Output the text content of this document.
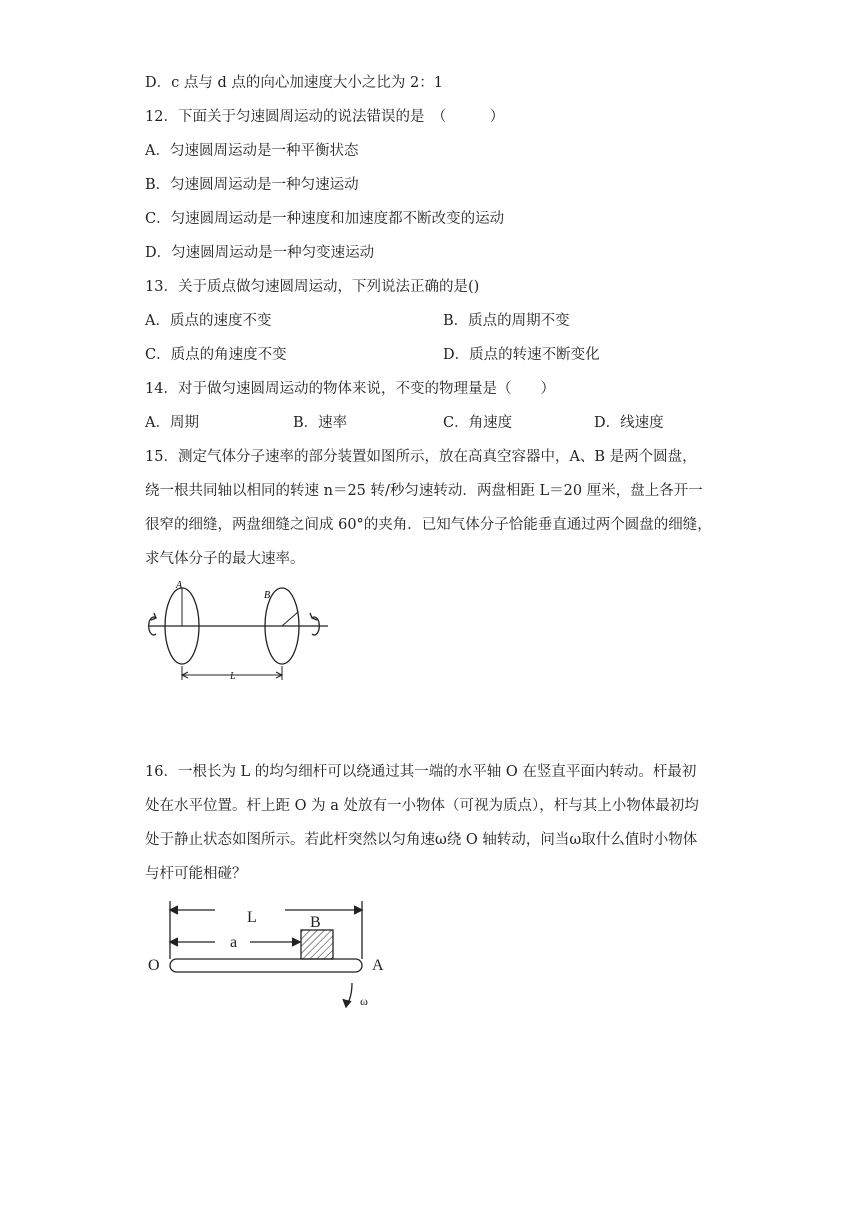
D．c 点与 d 点的向心加速度大小之比为 2：1
12．下面关于匀速圆周运动的说法错误的是　（　　　）
A．匀速圆周运动是一种平衡状态
B．匀速圆周运动是一种匀速运动
C．匀速圆周运动是一种速度和加速度都不断改变的运动
D．匀速圆周运动是一种匀变速运动
13．关于质点做匀速圆周运动，下列说法正确的是()
A．质点的速度不变	B．质点的周期不变
C．质点的角速度不变	D．质点的转速不断变化
14．对于做匀速圆周运动的物体来说，不变的物理量是（　　）
A．周期	B．速率	C．角速度	D．线速度
15．测定气体分子速率的部分装置如图所示，放在高真空容器中，A、B 是两个圆盘，
绕一根共同轴以相同的转速 n＝25 转/秒匀速转动．两盘相距 L＝20 厘米，盘上各开一
很窄的细缝，两盘细缝之间成 60°的夹角．已知气体分子恰能垂直通过两个圆盘的细缝，
求气体分子的最大速率。
A
B
L
16．一根长为 L 的均匀细杆可以绕通过其一端的水平轴 O 在竖直平面内转动。杆最初
处在水平位置。杆上距 O 为 a 处放有一小物体（可视为质点），杆与其上小物体最初均
处于静止状态如图所示。若此杆突然以匀角速ω绕 O 轴转动，问当ω取什么值时小物体
与杆可能相碰？
O	A
L
a
B
ω
